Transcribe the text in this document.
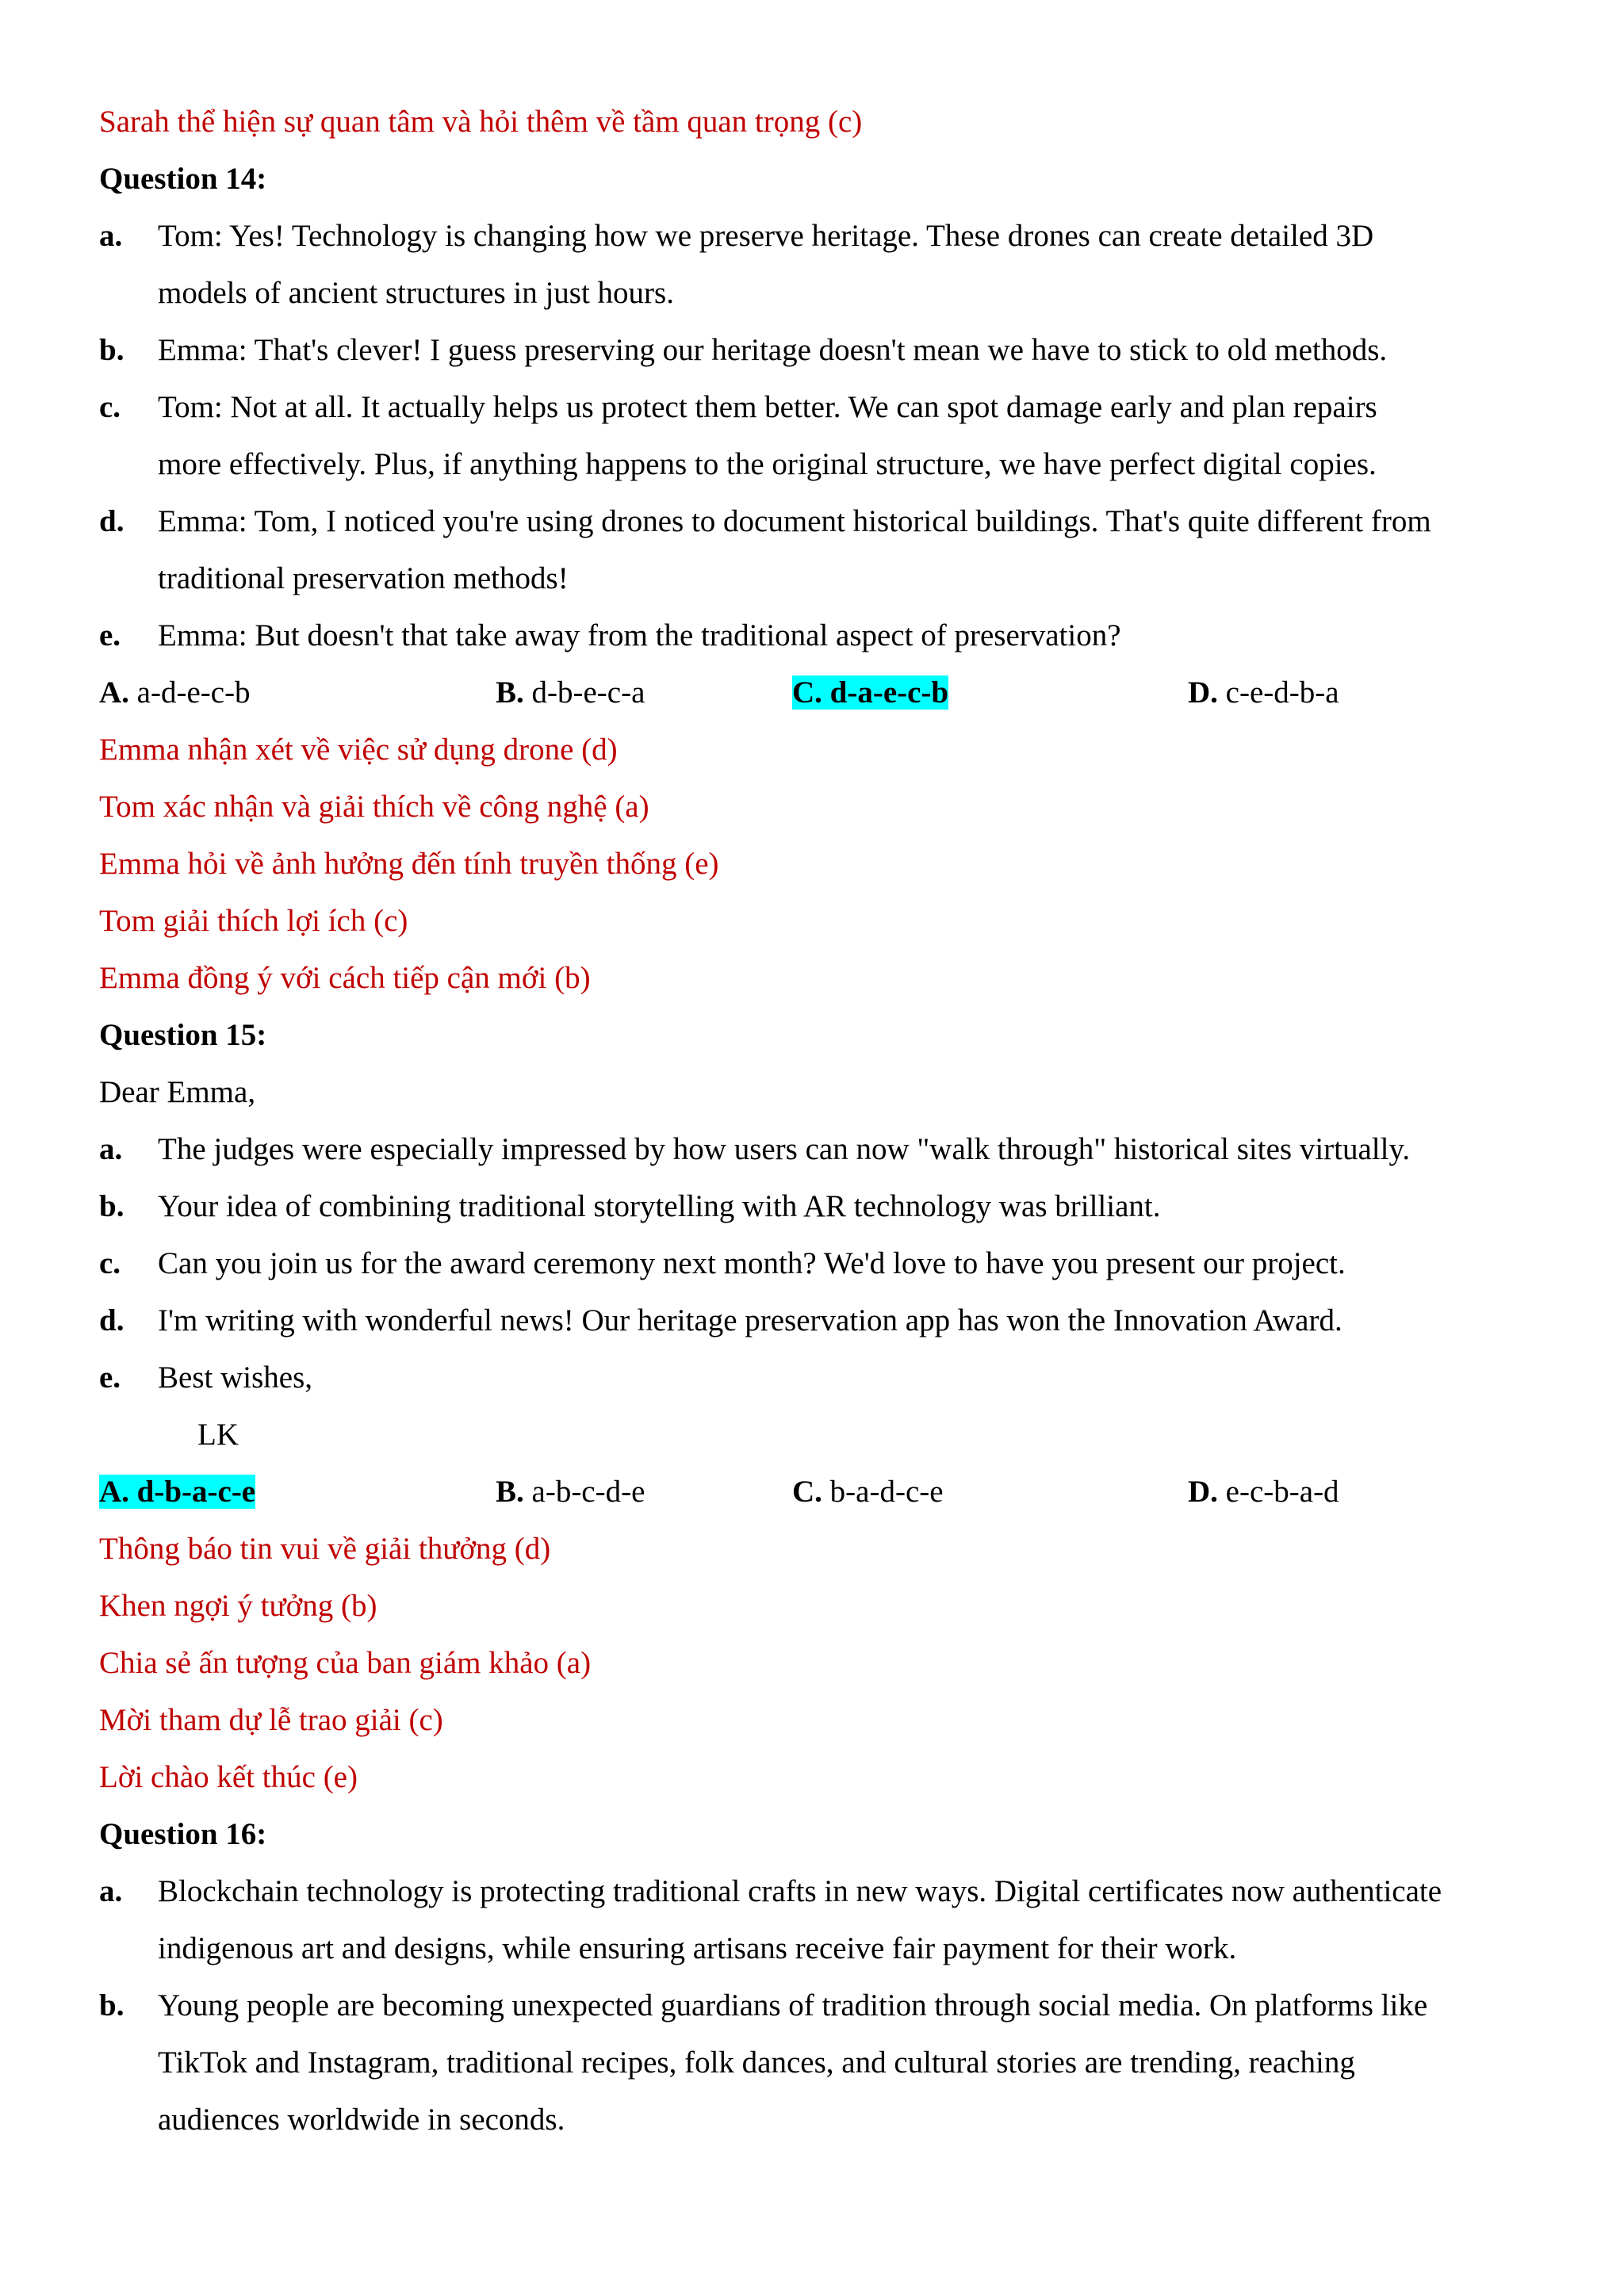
Sarah thể hiện sự quan tâm và hỏi thêm về tầm quan trọng (c)
Question 14:
a.	Tom: Yes! Technology is changing how we preserve heritage. These drones can create detailed 3D
models of ancient structures in just hours.
b.	Emma: That's clever! I guess preserving our heritage doesn't mean we have to stick to old methods.
c.	Tom: Not at all. It actually helps us protect them better. We can spot damage early and plan repairs
more effectively. Plus, if anything happens to the original structure, we have perfect digital copies.
d.	Emma: Tom, I noticed you're using drones to document historical buildings. That's quite different from
traditional preservation methods!
e.	Emma: But doesn't that take away from the traditional aspect of preservation?
A. a-d-e-c-b	B. d-b-e-c-a	C. d-a-e-c-b	D. c-e-d-b-a
Emma nhận xét về việc sử dụng drone (d)
Tom xác nhận và giải thích về công nghệ (a)
Emma hỏi về ảnh hưởng đến tính truyền thống (e)
Tom giải thích lợi ích (c)
Emma đồng ý với cách tiếp cận mới (b)
Question 15:
Dear Emma,
a.	The judges were especially impressed by how users can now "walk through" historical sites virtually.
b.	Your idea of combining traditional storytelling with AR technology was brilliant.
c.	Can you join us for the award ceremony next month? We'd love to have you present our project.
d.	I'm writing with wonderful news! Our heritage preservation app has won the Innovation Award.
e.	Best wishes,
LK
A. d-b-a-c-e	B. a-b-c-d-e	C. b-a-d-c-e	D. e-c-b-a-d
Thông báo tin vui về giải thưởng (d)
Khen ngợi ý tưởng (b)
Chia sẻ ấn tượng của ban giám khảo (a)
Mời tham dự lễ trao giải (c)
Lời chào kết thúc (e)
Question 16:
a.	Blockchain technology is protecting traditional crafts in new ways. Digital certificates now authenticate
indigenous art and designs, while ensuring artisans receive fair payment for their work.
b.	Young people are becoming unexpected guardians of tradition through social media. On platforms like
TikTok and Instagram, traditional recipes, folk dances, and cultural stories are trending, reaching
audiences worldwide in seconds.
